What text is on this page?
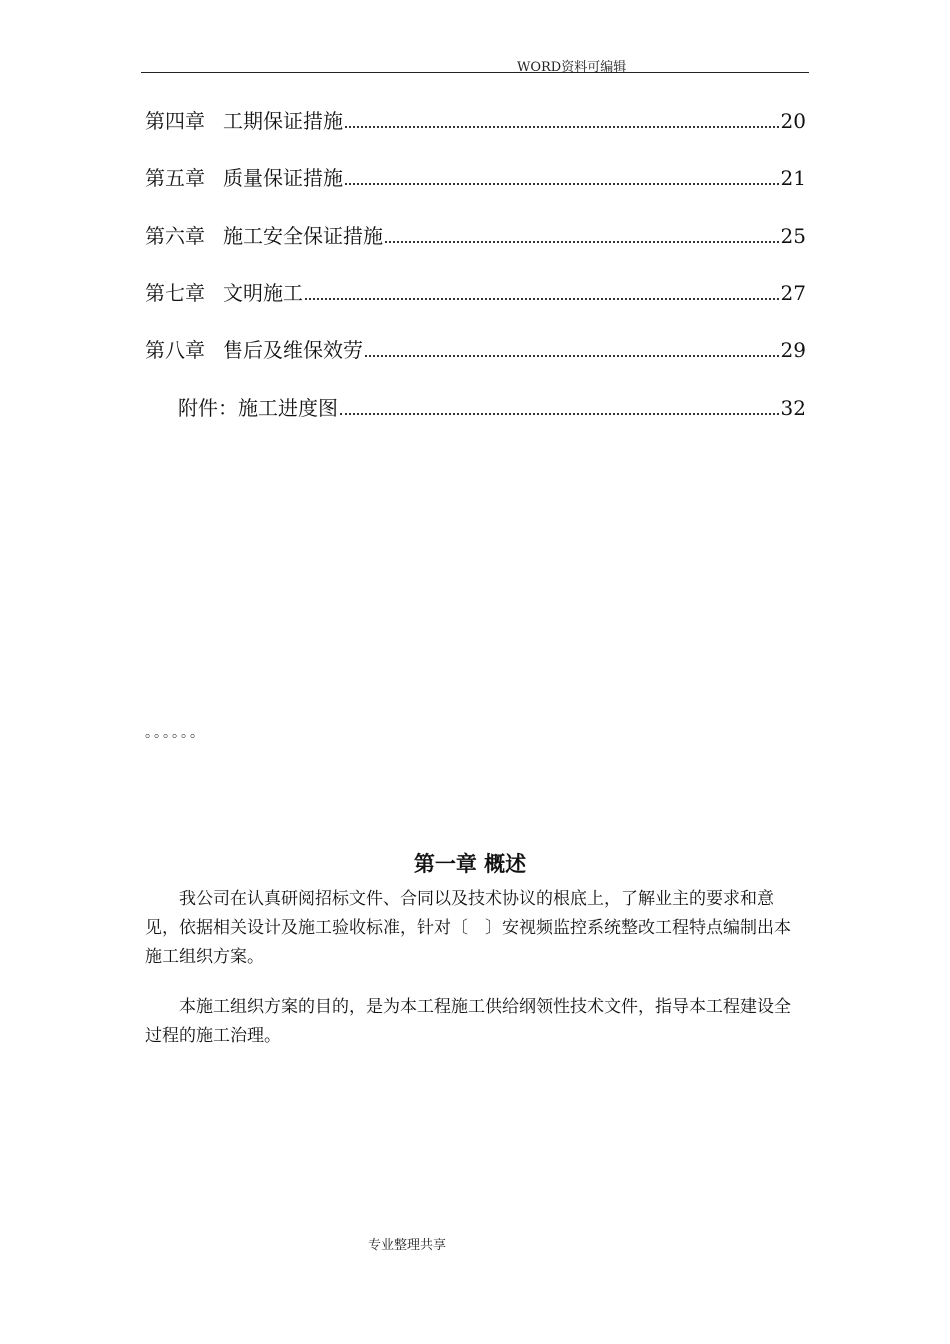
WORD资料可编辑
第四章 工期保证措施	20
第五章 质量保证措施	21
第六章 施工安全保证措施	25
第七章 文明施工	27
第八章 售后及维保效劳	29
附件：施工进度图	32
。。。。。。
第一章 概述

我公司在认真研阅招标文件、合同以及技术协议的根底上，了解业主的要求和意见，依据相关设计及施工验收标准，针对〔　〕安视频监控系统整改工程特点编制出本施工组织方案。

本施工组织方案的目的，是为本工程施工供给纲领性技术文件，指导本工程建设全过程的施工治理。

专业整理共享
